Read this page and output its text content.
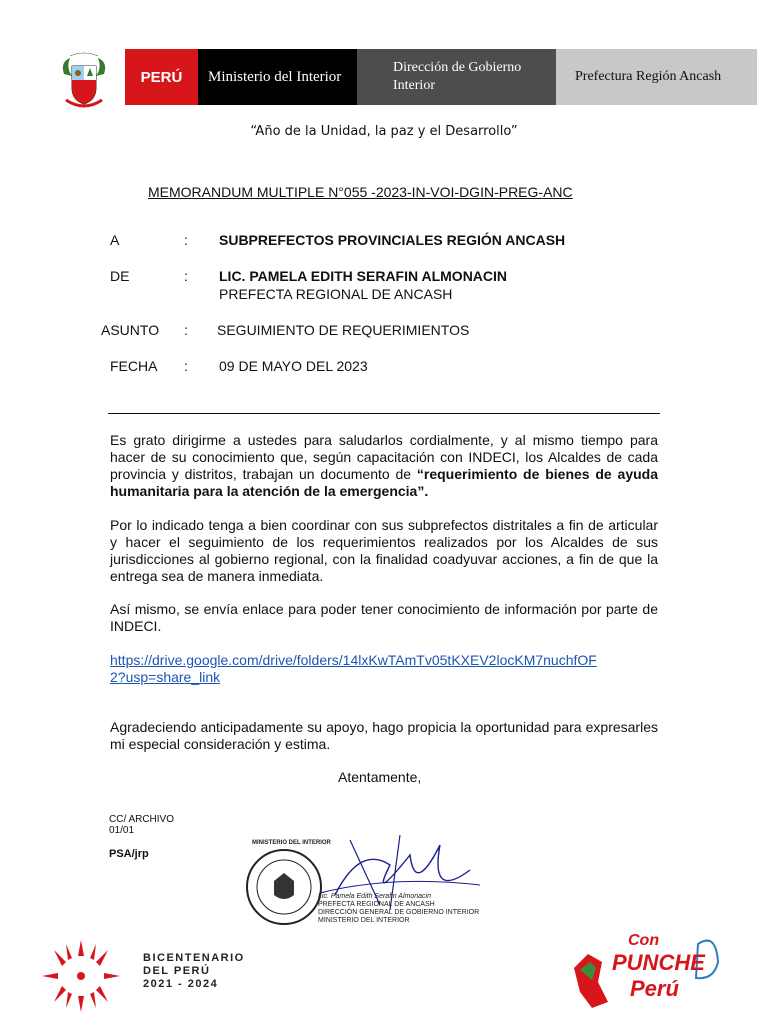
PERÚ	Ministerio del Interior
Dirección de Gobierno
Interior
Prefectura Región Ancash
“Año de la Unidad, la paz y el Desarrollo”
MEMORANDUM MULTIPLE N°055 -2023-IN-VOI-DGIN-PREG-ANC
A	: SUBPREFECTOS PROVINCIALES REGIÓN ANCASH
DE	: LIC. PAMELA EDITH SERAFIN ALMONACIN
PREFECTA REGIONAL DE ANCASH
ASUNTO : SEGUIMIENTO DE REQUERIMIENTOS
FECHA : 09 DE MAYO DEL 2023

Es grato dirigirme a ustedes para saludarlos cordialmente, y al mismo tiempo para hacer de su conocimiento que, según capacitación con INDECI, los Alcaldes de cada provincia y distritos, trabajan un documento de “requerimiento de bienes de ayuda humanitaria para la atención de la emergencia”.

Por lo indicado tenga a bien coordinar con sus subprefectos distritales a fin de articular y hacer el seguimiento de los requerimientos realizados por los Alcaldes de sus jurisdicciones al gobierno regional, con la finalidad coadyuvar acciones, a fin de que la entrega sea de manera inmediata.

Así mismo, se envía enlace para poder tener conocimiento de información por parte de INDECI.

https://drive.google.com/drive/folders/14lxKwTAmTv05tKXEV2locKM7nuchfOF
2?usp=share_link

Agradeciendo anticipadamente su apoyo, hago propicia la oportunidad para expresarles mi especial consideración y estima.

Atentamente,
CC/ ARCHIVO
01/01
PSA/jrp
MINISTERIO DEL INTERIOR
Lic. Pamela Edith Serafin Almonacin
PREFECTA REGIONAL DE ANCASH
DIRECCIÓN GENERAL DE GOBIERNO INTERIOR
MINISTERIO DEL INTERIOR
BICENTENARIO
DEL PERÚ
2021 - 2024
Con
PUNCHE
Perú
